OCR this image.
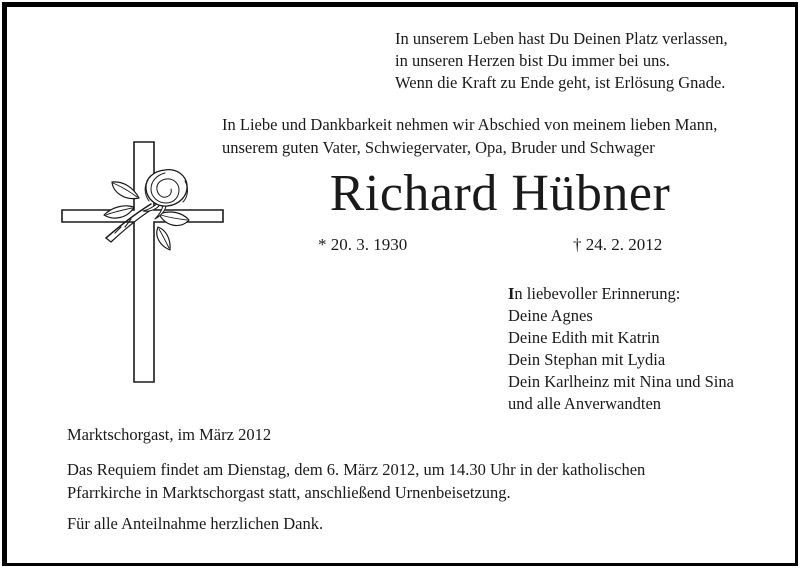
In unserem Leben hast Du Deinen Platz verlassen,
in unseren Herzen bist Du immer bei uns.
Wenn die Kraft zu Ende geht, ist Erlösung Gnade.
In Liebe und Dankbarkeit nehmen wir Abschied von meinem lieben Mann,
unserem guten Vater, Schwiegervater, Opa, Bruder und Schwager
Richard Hübner
* 20. 3. 1930	† 24. 2. 2012
In liebevoller Erinnerung:
Deine Agnes
Deine Edith mit Katrin
Dein Stephan mit Lydia
Dein Karlheinz mit Nina und Sina
und alle Anverwandten
Marktschorgast, im März 2012
Das Requiem findet am Dienstag, dem 6. März 2012, um 14.30 Uhr in der katholischen
Pfarrkirche in Marktschorgast statt, anschließend Urnenbeisetzung.
Für alle Anteilnahme herzlichen Dank.
